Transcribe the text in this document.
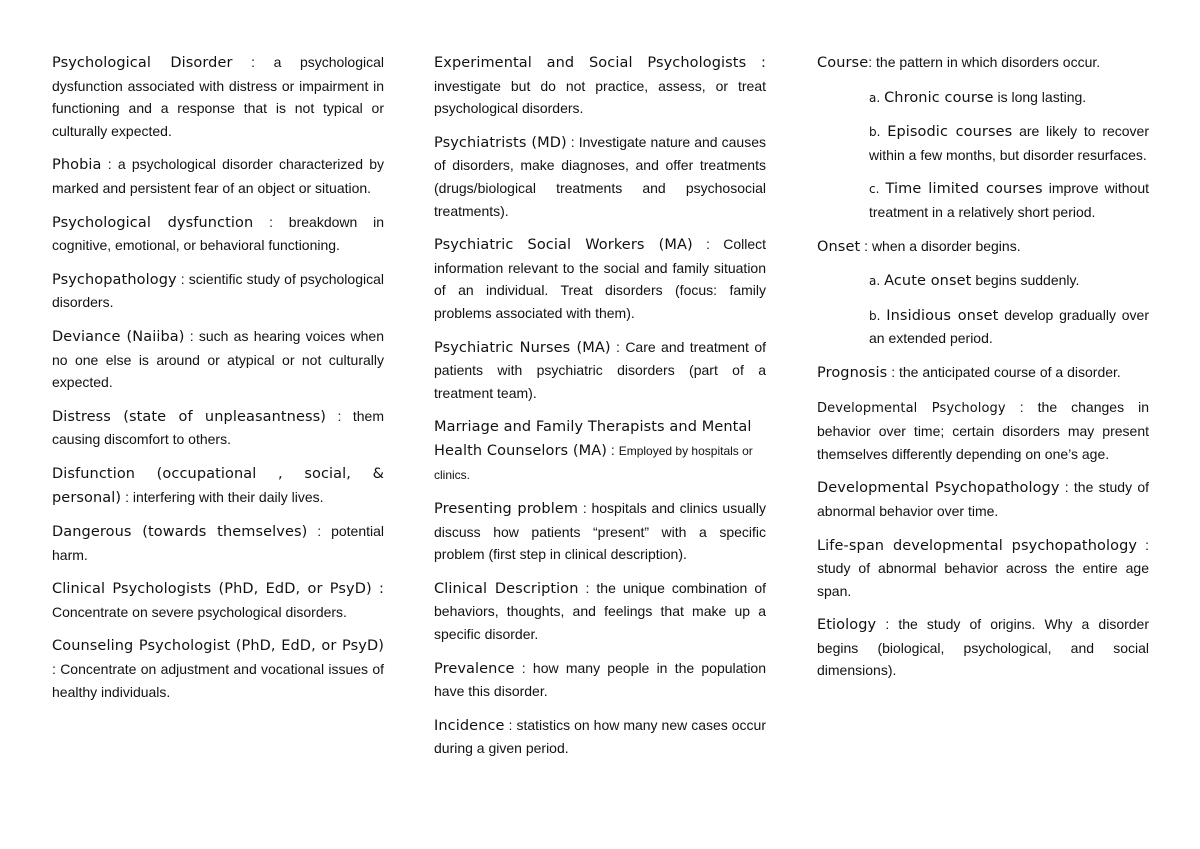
Psychological Disorder : a psychological dysfunction associated with distress or impairment in functioning and a response that is not typical or culturally expected.

Phobia : a psychological disorder characterized by marked and persistent fear of an object or situation.

Psychological dysfunction : breakdown in cognitive, emotional, or behavioral functioning.

Psychopathology : scientific study of psychological disorders.

Deviance (Naiiba) : such as hearing voices when no one else is around or atypical or not culturally expected.

Distress (state of unpleasantness) : them causing discomfort to others.

Disfunction (occupational , social, & personal) : interfering with their daily lives.

Dangerous (towards themselves) : potential harm.

Clinical Psychologists (PhD, EdD, or PsyD) : Concentrate on severe psychological disorders.

Counseling Psychologist (PhD, EdD, or PsyD) : Concentrate on adjustment and vocational issues of healthy individuals.

Experimental and Social Psychologists : investigate but do not practice, assess, or treat psychological disorders.

Psychiatrists (MD) : Investigate nature and causes of disorders, make diagnoses, and offer treatments (drugs/biological treatments and psychosocial treatments).

Psychiatric Social Workers (MA) : Collect information relevant to the social and family situation of an individual. Treat disorders (focus: family problems associated with them).

Psychiatric Nurses (MA) : Care and treatment of patients with psychiatric disorders (part of a treatment team).

Marriage and Family Therapists and Mental Health Counselors (MA) : Employed by hospitals or clinics.

Presenting problem : hospitals and clinics usually discuss how patients “present” with a specific problem (first step in clinical description).

Clinical Description : the unique combination of behaviors, thoughts, and feelings that make up a specific disorder.

Prevalence : how many people in the population have this disorder.

Incidence : statistics on how many new cases occur during a given period.

Course: the pattern in which disorders occur.

a. Chronic course is long lasting.

b. Episodic courses are likely to recover within a few months, but disorder resurfaces.

c. Time limited courses improve without treatment in a relatively short period.

Onset : when a disorder begins.

a. Acute onset begins suddenly.

b. Insidious onset develop gradually over an extended period.

Prognosis : the anticipated course of a disorder.

Developmental Psychology : the changes in behavior over time; certain disorders may present themselves differently depending on one’s age.

Developmental Psychopathology : the study of abnormal behavior over time.

Life-span developmental psychopathology : study of abnormal behavior across the entire age span.

Etiology : the study of origins. Why a disorder begins (biological, psychological, and social dimensions).
